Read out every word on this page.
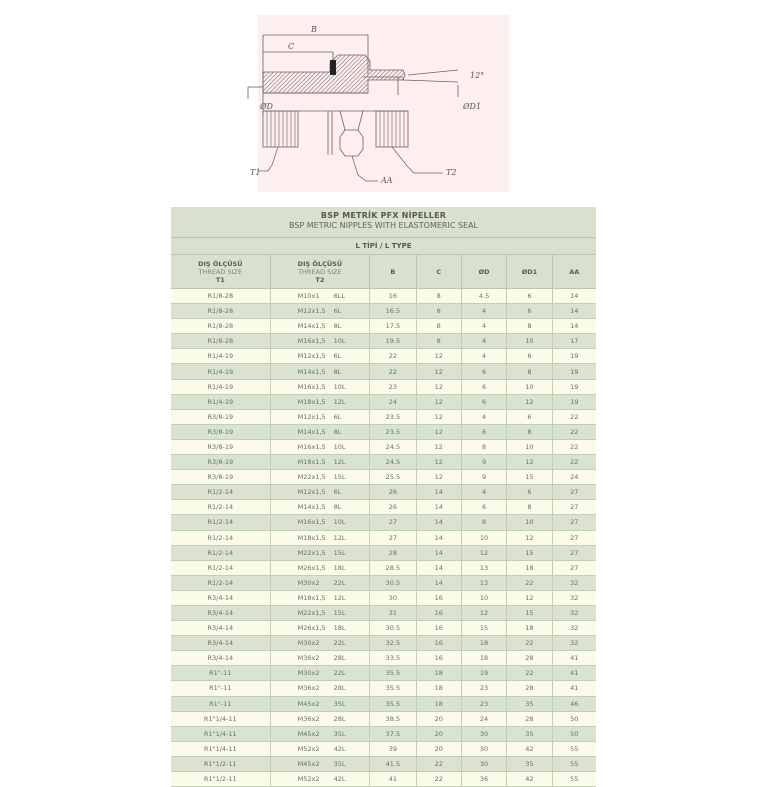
B
C
ØD	ØD1
12°
T1
AA
T2
BSP METRİK PFX NİPELLER
BSP METRIC NIPPLES WITH ELASTOMERIC SEAL
L TİPİ / L TYPE
DIŞ ÖLÇÜSÜ
THREAD SIZE
T1
DIŞ ÖLÇÜSÜ
THREAD SIZE
T2
B	C	ØD	ØD1	AA
R1/8-28	M10x1	6LL	16	8	4.5	6	14
R1/8-28	M12x1,5	6L	16.5	8	4	6	14
R1/8-28	M14x1,5	8L	17.5	8	4	8	14
R1/8-28	M16x1,5	10L	19.5	8	4	10	17
R1/4-19	M12x1,5	6L	22	12	4	6	19
R1/4-19	M14x1,5	8L	22	12	6	8	19
R1/4-19	M16x1,5	10L	23	12	6	10	19
R1/4-19	M18x1,5	12L	24	12	6	12	19
R3/8-19	M12x1,5	6L	23.5	12	4	6	22
R3/8-19	M14x1,5	8L	23.5	12	6	8	22
R3/8-19	M16x1,5	10L	24.5	12	8	10	22
R3/8-19	M18x1,5	12L	24.5	12	9	12	22
R3/8-19	M22x1,5	15L	25.5	12	9	15	24
R1/2-14	M12x1,5	6L	26	14	4	6	27
R1/2-14	M14x1,5	8L	26	14	6	8	27
R1/2-14	M16x1,5	10L	27	14	8	10	27
R1/2-14	M18x1,5	12L	27	14	10	12	27
R1/2-14	M22x1,5	15L	28	14	12	15	27
R1/2-14	M26x1,5	18L	28.5	14	13	18	27
R1/2-14	M30x2	22L	30.5	14	13	22	32
R3/4-14	M18x1,5	12L	30	16	10	12	32
R3/4-14	M22x1,5	15L	31	16	12	15	32
R3/4-14	M26x1,5	18L	30.5	16	15	18	32
R3/4-14	M30x2	22L	32.5	16	18	22	32
R3/4-14	M36x2	28L	33.5	16	18	28	41
R1"-11	M30x2	22L	35.5	18	19	22	41
R1"-11	M36x2	28L	35.5	18	23	28	41
R1"-11	M45x2	35L	35.5	18	23	35	46
R1"1/4-11	M36x2	28L	38.5	20	24	28	50
R1"1/4-11	M45x2	35L	37.5	20	30	35	50
R1"1/4-11	M52x2	42L	39	20	30	42	55
R1"1/2-11	M45x2	35L	41.5	22	30	35	55
R1"1/2-11	M52x2	42L	41	22	36	42	55
